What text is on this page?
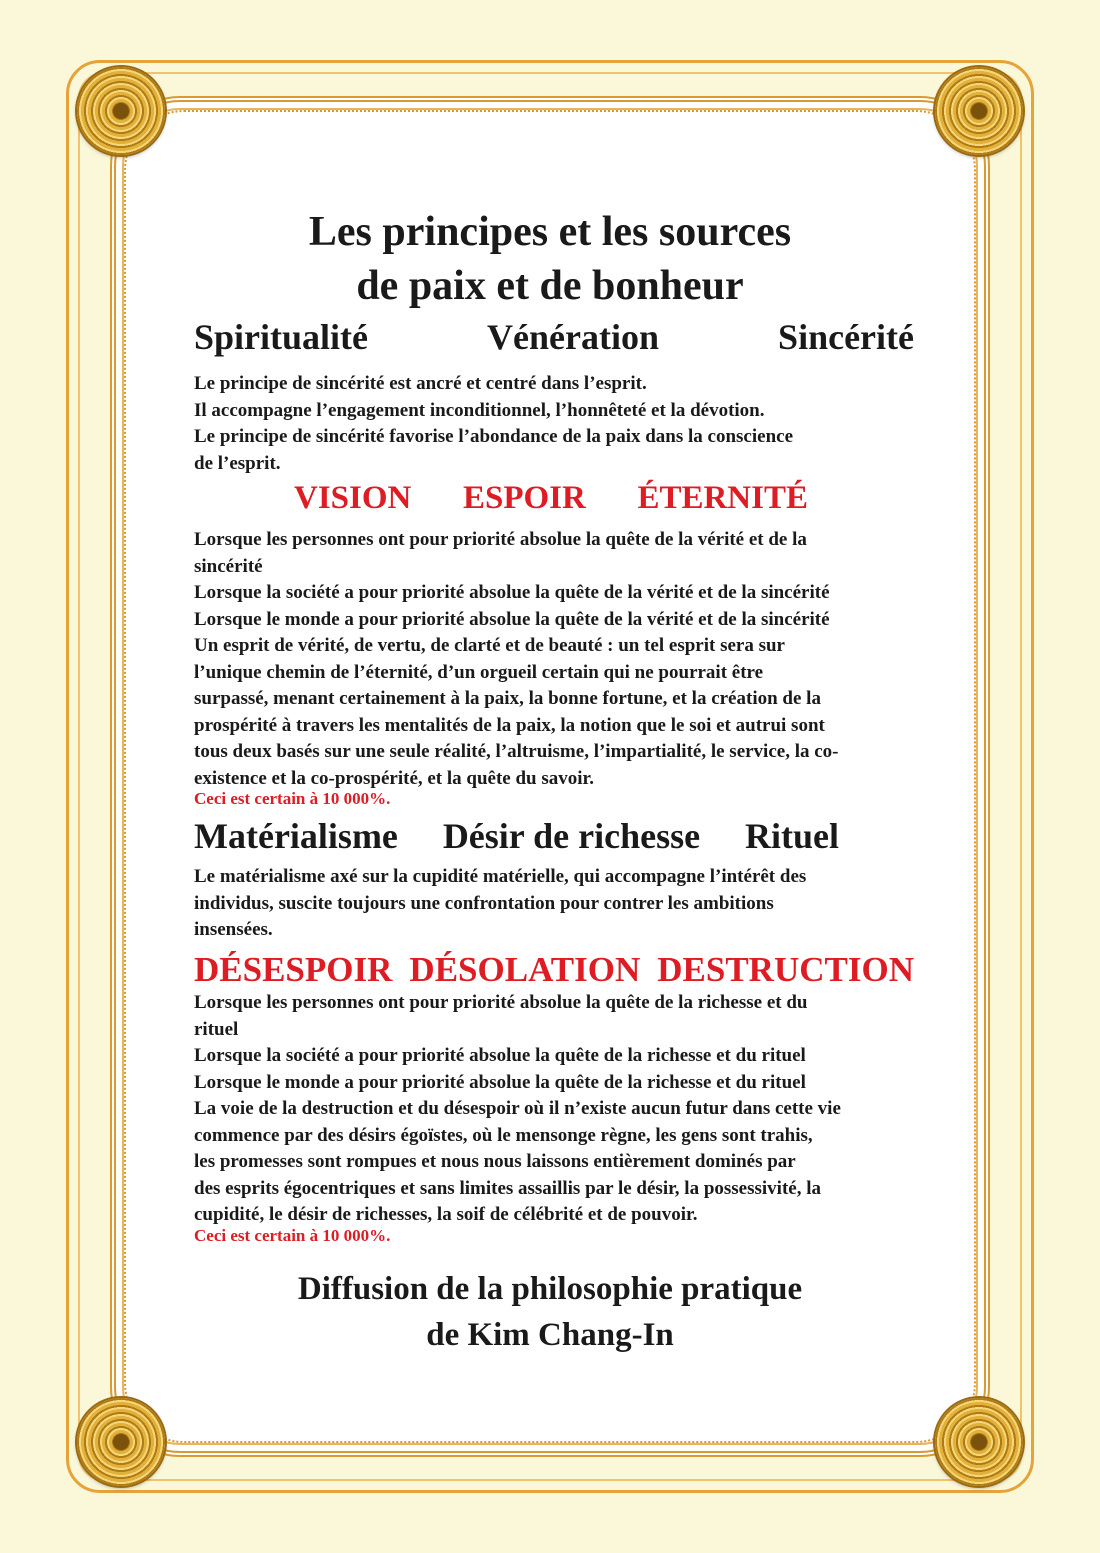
Les principes et les sources
de paix et de bonheur
Spiritualité	Vénération	Sincérité
Le principe de sincérité est ancré et centré dans l’esprit.
Il accompagne l’engagement inconditionnel, l’honnêteté et la dévotion.
Le principe de sincérité favorise l’abondance de la paix dans la conscience
de l’esprit.
VISION ESPOIR ÉTERNITÉ
Lorsque les personnes ont pour priorité absolue la quête de la vérité et de la
sincérité
Lorsque la société a pour priorité absolue la quête de la vérité et de la sincérité
Lorsque le monde a pour priorité absolue la quête de la vérité et de la sincérité
Un esprit de vérité, de vertu, de clarté et de beauté : un tel esprit sera sur
l’unique chemin de l’éternité, d’un orgueil certain qui ne pourrait être
surpassé, menant certainement à la paix, la bonne fortune, et la création de la
prospérité à travers les mentalités de la paix, la notion que le soi et autrui sont
tous deux basés sur une seule réalité, l’altruisme, l’impartialité, le service, la co-
existence et la co-prospérité, et la quête du savoir.
Ceci est certain à 10 000%.
Matérialisme Désir de richesse Rituel
Le matérialisme axé sur la cupidité matérielle, qui accompagne l’intérêt des
individus, suscite toujours une confrontation pour contrer les ambitions
insensées.
DÉSESPOIR DÉSOLATION DESTRUCTION
Lorsque les personnes ont pour priorité absolue la quête de la richesse et du
rituel
Lorsque la société a pour priorité absolue la quête de la richesse et du rituel
Lorsque le monde a pour priorité absolue la quête de la richesse et du rituel
La voie de la destruction et du désespoir où il n’existe aucun futur dans cette vie
commence par des désirs égoïstes, où le mensonge règne, les gens sont trahis,
les promesses sont rompues et nous nous laissons entièrement dominés par
des esprits égocentriques et sans limites assaillis par le désir, la possessivité, la
cupidité, le désir de richesses, la soif de célébrité et de pouvoir.
Ceci est certain à 10 000%.
Diffusion de la philosophie pratique
de Kim Chang-In
